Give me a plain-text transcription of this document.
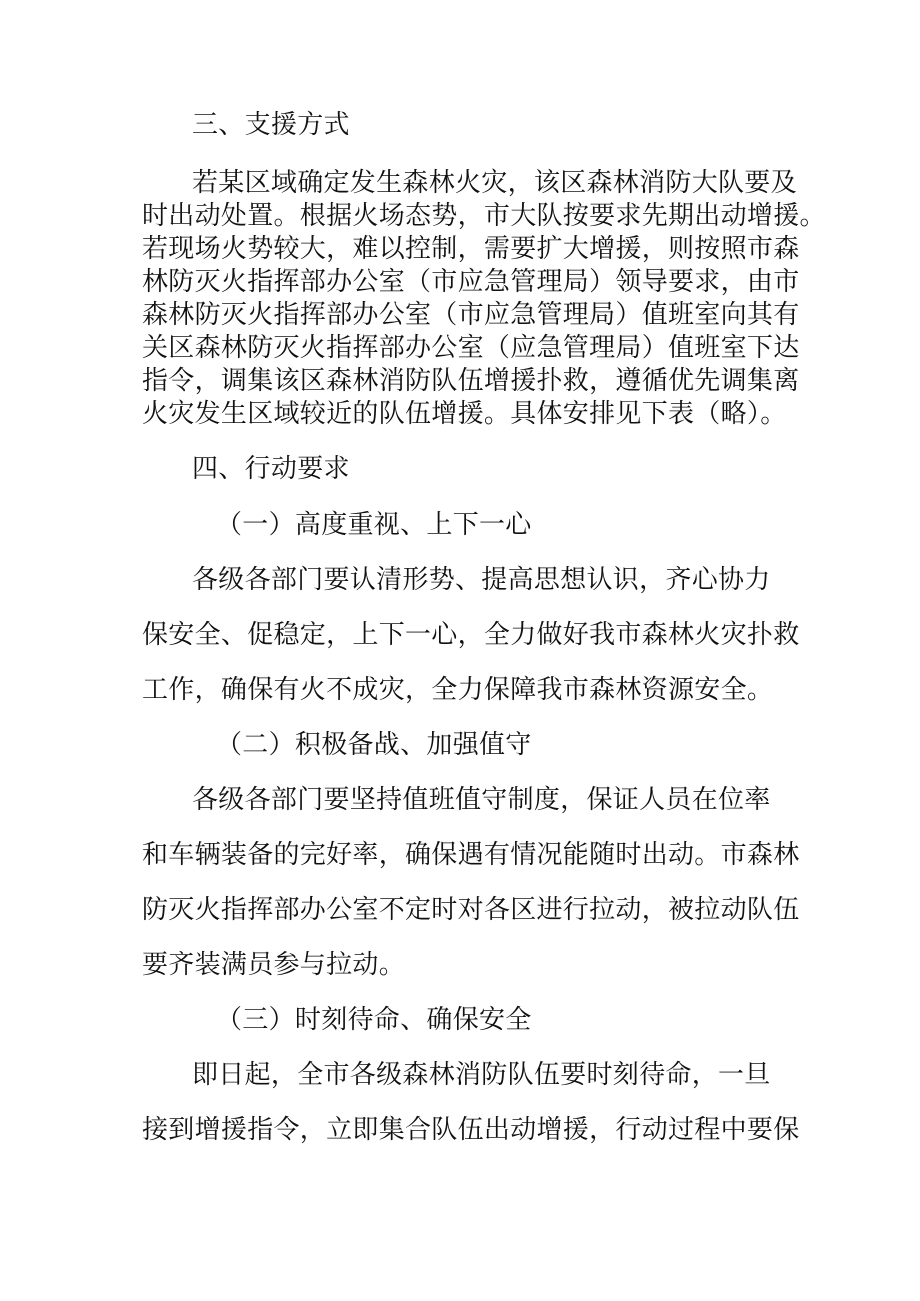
三、支援方式

若某区域确定发生森林火灾，该区森林消防大队要及

时出动处置。根据火场态势，市大队按要求先期出动增援。

若现场火势较大，难以控制，需要扩大增援，则按照市森

林防灭火指挥部办公室（市应急管理局）领导要求，由市

森林防灭火指挥部办公室（市应急管理局）值班室向其有

关区森林防灭火指挥部办公室（应急管理局）值班室下达

指令，调集该区森林消防队伍增援扑救，遵循优先调集离

火灾发生区域较近的队伍增援。具体安排见下表（略）。

四、行动要求

（一）高度重视、上下一心

各级各部门要认清形势、提高思想认识，齐心协力

保安全、促稳定，上下一心，全力做好我市森林火灾扑救

工作，确保有火不成灾，全力保障我市森林资源安全。

（二）积极备战、加强值守

各级各部门要坚持值班值守制度，保证人员在位率

和车辆装备的完好率，确保遇有情况能随时出动。市森林

防灭火指挥部办公室不定时对各区进行拉动，被拉动队伍

要齐装满员参与拉动。

（三）时刻待命、确保安全

即日起，全市各级森林消防队伍要时刻待命，一旦

接到增援指令，立即集合队伍出动增援，行动过程中要保
